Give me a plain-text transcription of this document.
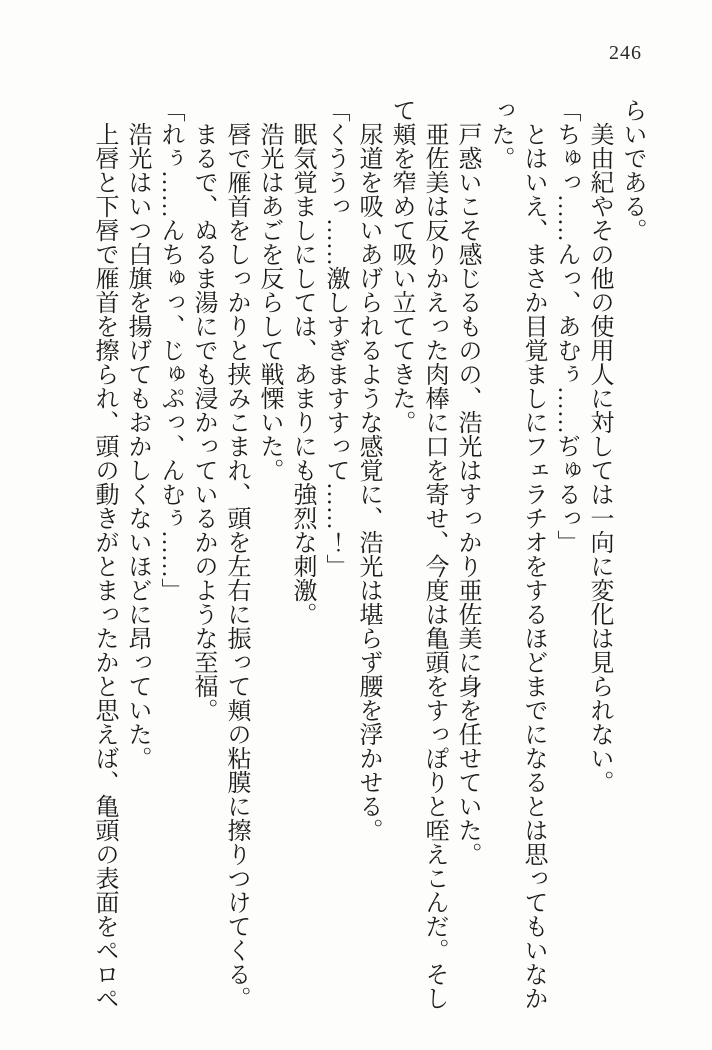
246

らいである。

美由紀やその他の使用人に対しては一向に変化は見られない。

「ちゅっ……んっ、あむぅ……ぢゅるっ」

とはいえ、まさか目覚ましにフェラチオをするほどまでになるとは思ってもいなかった。

戸惑いこそ感じるものの、浩光はすっかり亜佐美に身を任せていた。

亜佐美は反りかえった肉棒に口を寄せ、今度は亀頭をすっぽりと咥えこんだ。そして頬を窄めて吸い立ててきた。

尿道を吸いあげられるような感覚に、浩光は堪らず腰を浮かせる。

「くううっ……激しすぎますすって……！」

眠気覚ましにしては、あまりにも強烈な刺激。

浩光はあごを反らして戦慄いた。

唇で雁首をしっかりと挟みこまれ、頭を左右に振って頬の粘膜に擦りつけてくる。

まるで、ぬるま湯にでも浸かっているかのような至福。

「れぅ……んちゅっ、じゅぷっ、んむぅ……」

浩光はいつ白旗を揚げてもおかしくないほどに昂っていた。

上唇と下唇で雁首を擦られ、頭の動きがとまったかと思えば、亀頭の表面をペロペ
